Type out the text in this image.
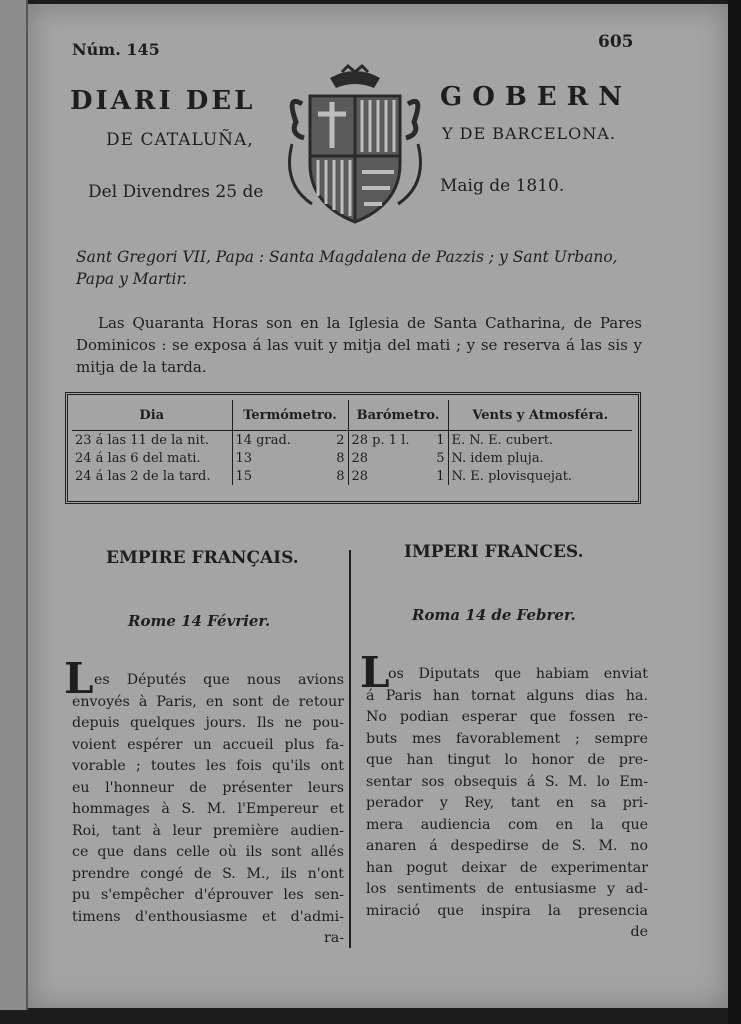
Núm. 145	605
DIARI DEL	GOBERN
DE CATALUÑA,	Y DE BARCELONA.
Del Divendres 25 de	Maig de 1810.
Sant Gregori VII, Papa : Santa Magdalena de Pazzis ; y Sant Urbano, Papa y Martir.
Las Quaranta Horas son en la Iglesia de Santa Catharina, de Pares Dominicos : se exposa á las vuit y mitja del mati ; y se reserva á las sis y mitja de la tarda.
Dia	Termómetro.	Barómetro.	Vents y Atmosféra.
23 á las 11 de la nit.	14 grad. 2	28 p. 1 l. 1	E. N. E. cubert.
24 á las 6 del mati.	13 8	28 5	N. idem pluja.
24 á las 2 de la tard.	15 8	28 1	N. E. plovisquejat.
EMPIRE FRANÇAIS.	IMPERI FRANCES.
Rome 14 Février.	Roma 14 de Febrer.
L	L
es Députés que nous avions
envoyés à Paris, en sont de retour
depuis quelques jours. Ils ne pou-
voient espérer un accueil plus fa-
vorable ; toutes les fois qu'ils ont
eu l'honneur de présenter leurs
hommages à S. M. l'Empereur et
Roi, tant à leur première audien-
ce que dans celle où ils sont allés
prendre congé de S. M., ils n'ont
pu s'empêcher d'éprouver les sen-
timens d'enthousiasme et d'admi-
ra-
os Diputats que habiam enviat
á Paris han tornat alguns dias ha.
No podian esperar que fossen re-
buts mes favorablement ; sempre
que han tingut lo honor de pre-
sentar sos obsequis á S. M. lo Em-
perador y Rey, tant en sa pri-
mera audiencia com en la que
anaren á despedirse de S. M. no
han pogut deixar de experimentar
los sentiments de entusiasme y ad-
miració que inspira la presencia
de
